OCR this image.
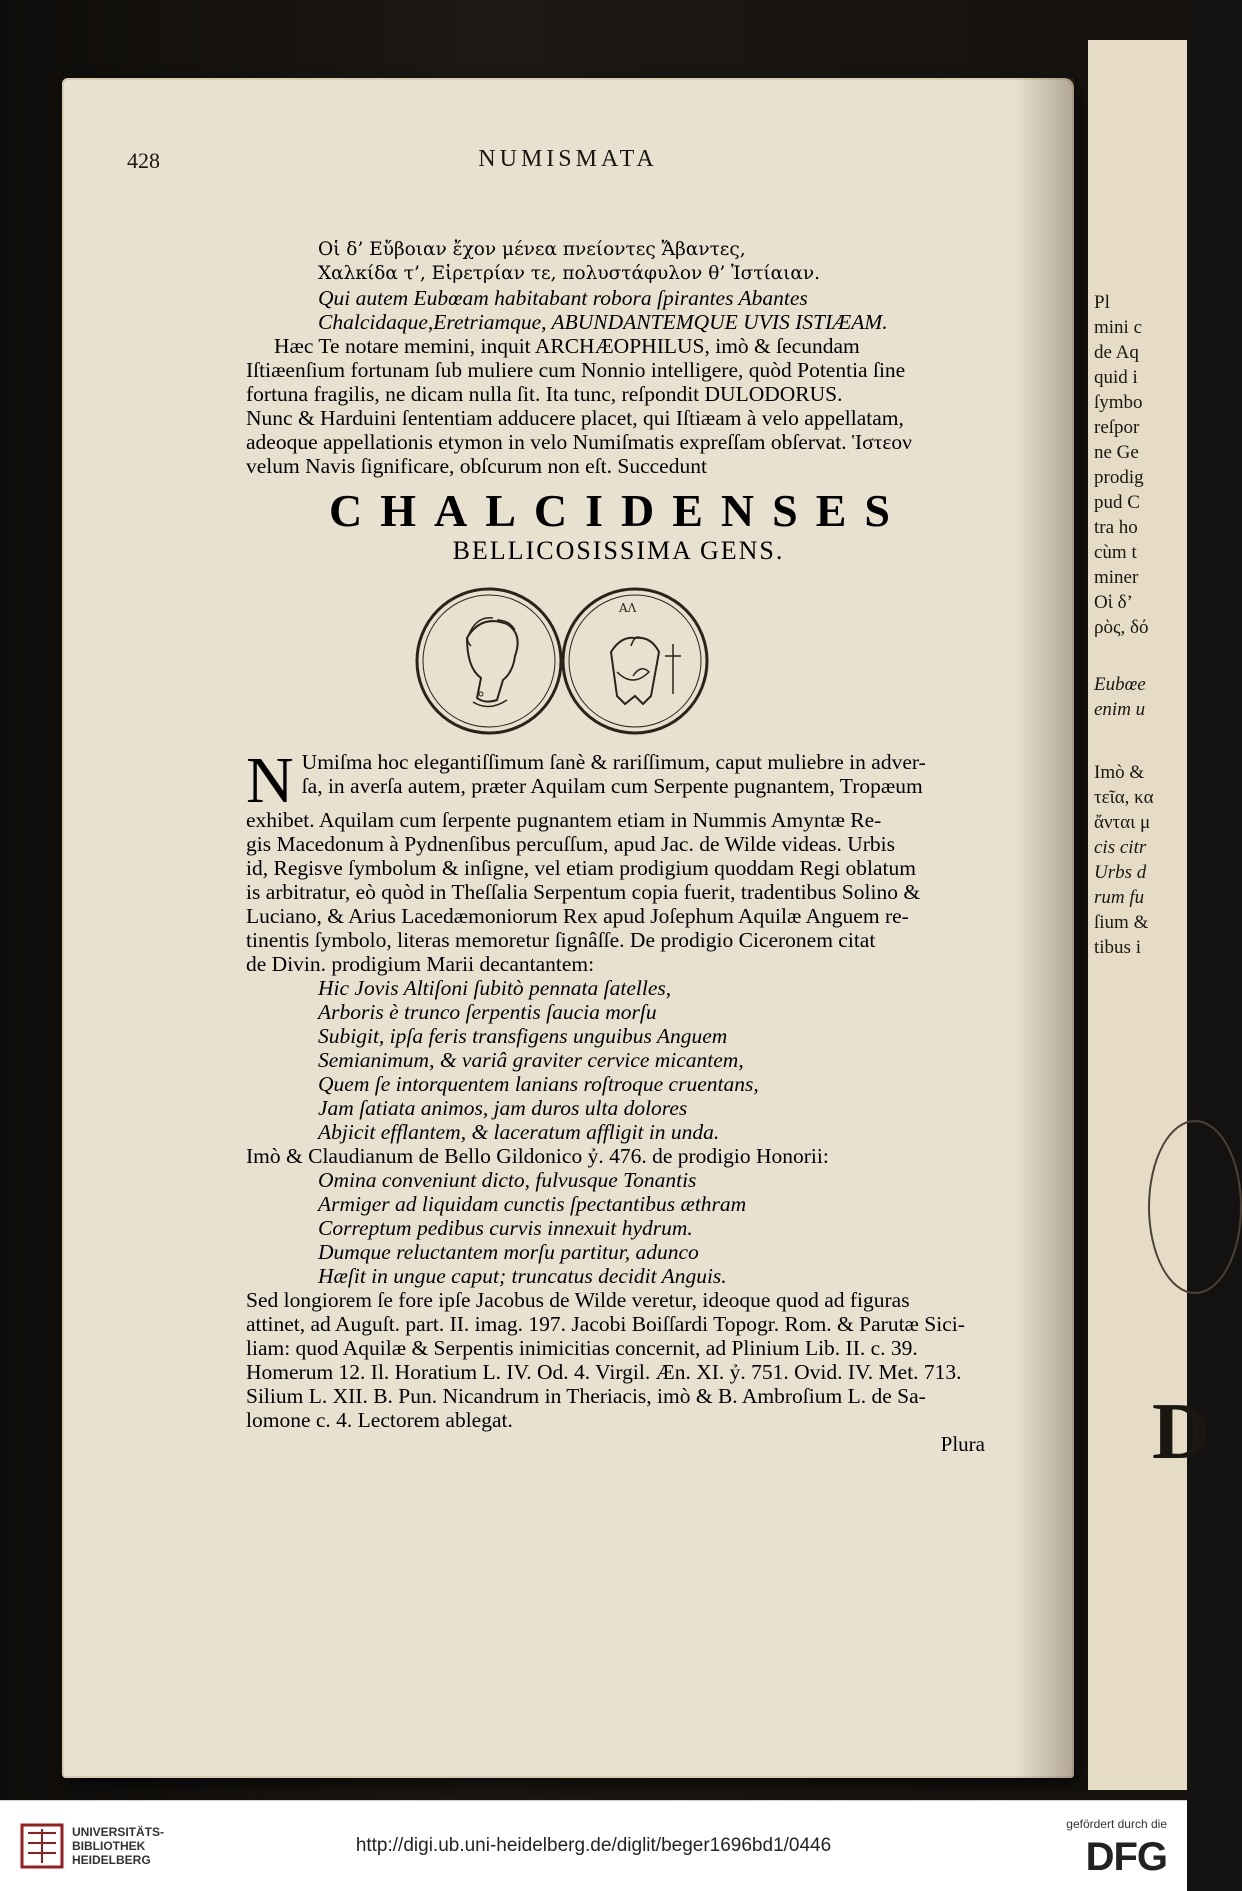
428	NUMISMATA
Οἱ δ’ Εὔβοιαν ἔχον μένεα πνείοντες Ἄβαντες,
Χαλκίδα τ’, Εἰρετρίαν τε, πολυστάφυλον θ’ Ἱστίαιαν.
Qui autem Eubœam habitabant robora ſpirantes Abantes
Chalcidaque,Eretriamque, ABUNDANTEMQUE UVIS ISTIÆAM.
Hæc Te notare memini, inquit ARCHÆOPHILUS, imò & ſecundam
Iſtiæenſium fortunam ſub muliere cum Nonnio intelligere, quòd Potentia ſine
fortuna fragilis, ne dicam nulla ſit. Ita tunc, reſpondit DULODORUS.
Nunc & Harduini ſententiam adducere placet, qui Iſtiæam à velo appellatam,
adeoque appellationis etymon in velo Numiſmatis expreſſam obſervat. Ἱστεον
velum Navis ſignificare, obſcurum non eſt. Succedunt
CHALCIDENSES
BELLICOSISSIMA GENS.
ΑΛ
N Umiſma hoc elegantiſſimum ſanè & rariſſimum, caput muliebre in adver-
ſa, in averſa autem, præter Aquilam cum Serpente pugnantem, Tropæum
exhibet. Aquilam cum ſerpente pugnantem etiam in Nummis Amyntæ Re-
gis Macedonum à Pydnenſibus percuſſum, apud Jac. de Wilde videas. Urbis
id, Regisve ſymbolum & inſigne, vel etiam prodigium quoddam Regi oblatum
is arbitratur, eò quòd in Theſſalia Serpentum copia fuerit, tradentibus Solino &
Luciano, & Arius Lacedæmoniorum Rex apud Joſephum Aquilæ Anguem re-
tinentis ſymbolo, literas memoretur ſignâſſe. De prodigio Ciceronem citat
de Divin. prodigium Marii decantantem:
Hic Jovis Altiſoni ſubitò pennata ſatelles,
Arboris è trunco ſerpentis ſaucia morſu
Subigit, ipſa feris transfigens unguibus Anguem
Semianimum, & variâ graviter cervice micantem,
Quem ſe intorquentem lanians roſtroque cruentans,
Jam ſatiata animos, jam duros ulta dolores
Abjicit efflantem, & laceratum affligit in unda.
Imò & Claudianum de Bello Gildonico ỷ. 476. de prodigio Honorii:
Omina conveniunt dicto, fulvusque Tonantis
Armiger ad liquidam cunctis ſpectantibus æthram
Correptum pedibus curvis innexuit hydrum.
Dumque reluctantem morſu partitur, adunco
Hæſit in ungue caput; truncatus decidit Anguis.
Sed longiorem ſe fore ipſe Jacobus de Wilde veretur, ideoque quod ad figuras
attinet, ad Auguſt. part. II. imag. 197. Jacobi Boiſſardi Topogr. Rom. & Parutæ Sici-
liam: quod Aquilæ & Serpentis inimicitias concernit, ad Plinium Lib. II. c. 39.
Homerum 12. Il. Horatium L. IV. Od. 4. Virgil. Æn. XI. ỷ. 751. Ovid. IV. Met. 713.
Silium L. XII. B. Pun. Nicandrum in Theriacis, imò & B. Ambroſium L. de Sa-
lomone c. 4. Lectorem ablegat.
Plura
Pl
mini c
de Aq
quid i
ſymbo
reſpor
ne Ge
prodig
pud C
tra ho
cùm t
miner
Οἱ δ’
ρὸς, δό
Eubœe
enim u
Imò &
τεῖα, κα
ἄνται μ
cis citr
Urbs d
rum fu
ſium &
tibus i
D
UNIVERSITÄTS-
BIBLIOTHEK
HEIDELBERG
http://digi.ub.uni-heidelberg.de/diglit/beger1696bd1/0446
gefördert durch die
DFG
